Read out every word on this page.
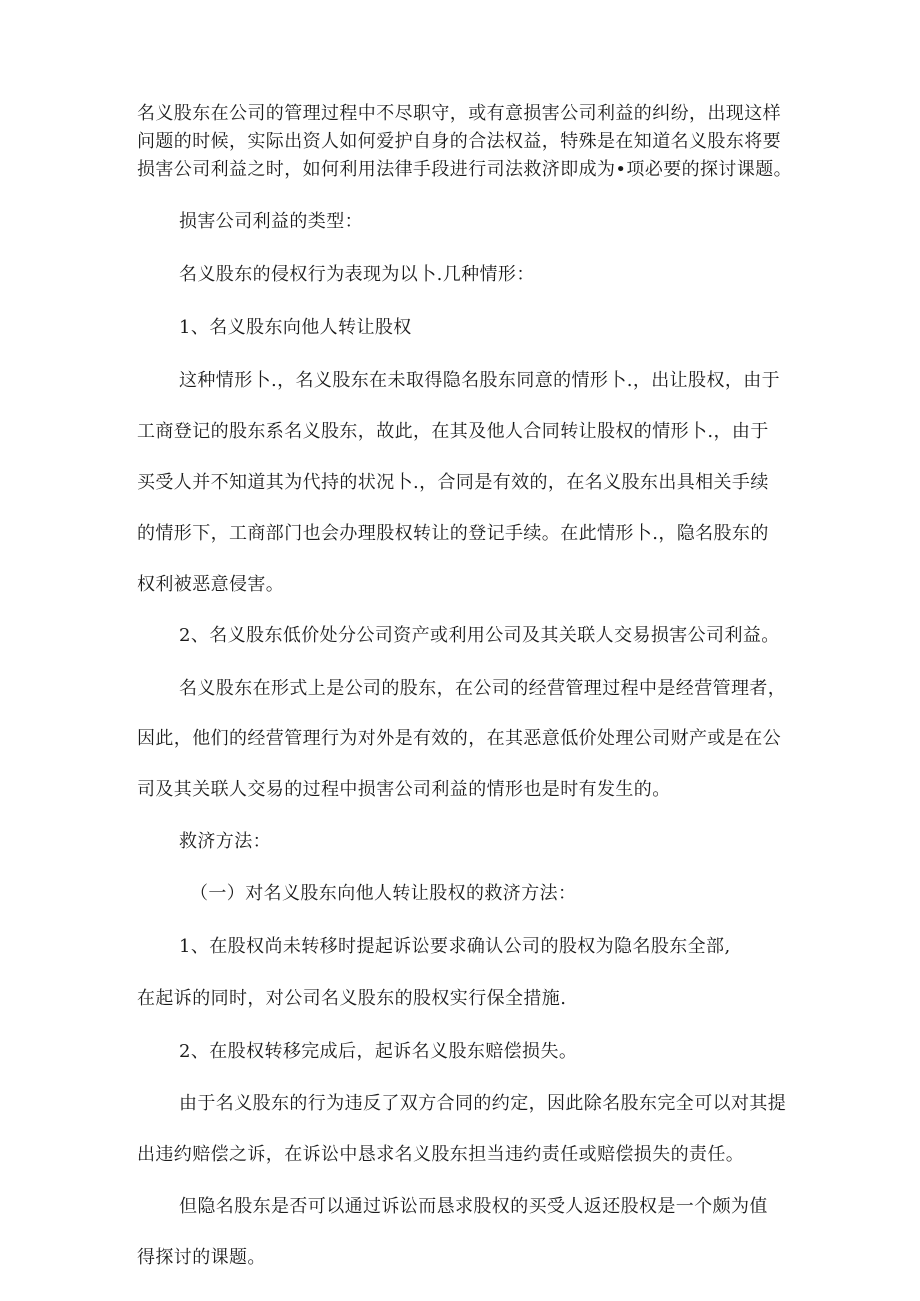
名义股东在公司的管理过程中不尽职守，或有意损害公司利益的纠纷，出现这样

问题的时候，实际出资人如何爱护自身的合法权益，特殊是在知道名义股东将要

损害公司利益之时，如何利用法律手段进行司法救济即成为•项必要的探讨课题。

损害公司利益的类型：

名义股东的侵权行为表现为以卜.几种情形：

1、名义股东向他人转让股权

这种情形卜.，名义股东在未取得隐名股东同意的情形卜.，出让股权，由于

工商登记的股东系名义股东，故此，在其及他人合同转让股权的情形卜.，由于

买受人并不知道其为代持的状况卜.，合同是有效的，在名义股东出具相关手续

的情形下，工商部门也会办理股权转让的登记手续。在此情形卜.，隐名股东的

权利被恶意侵害。

2、名义股东低价处分公司资产或利用公司及其关联人交易损害公司利益。

名义股东在形式上是公司的股东，在公司的经营管理过程中是经营管理者，

因此，他们的经营管理行为对外是有效的，在其恶意低价处理公司财产或是在公

司及其关联人交易的过程中损害公司利益的情形也是时有发生的。

救济方法：

（一）对名义股东向他人转让股权的救济方法：

1、在股权尚未转移时提起诉讼要求确认公司的股权为隐名股东全部,

在起诉的同时，对公司名义股东的股权实行保全措施.

2、在股权转移完成后，起诉名义股东赔偿损失。

由于名义股东的行为违反了双方合同的约定，因此除名股东完全可以对其提

出违约赔偿之诉，在诉讼中恳求名义股东担当违约责任或赔偿损失的责任。

但隐名股东是否可以通过诉讼而恳求股权的买受人返还股权是一个颇为值

得探讨的课题。
